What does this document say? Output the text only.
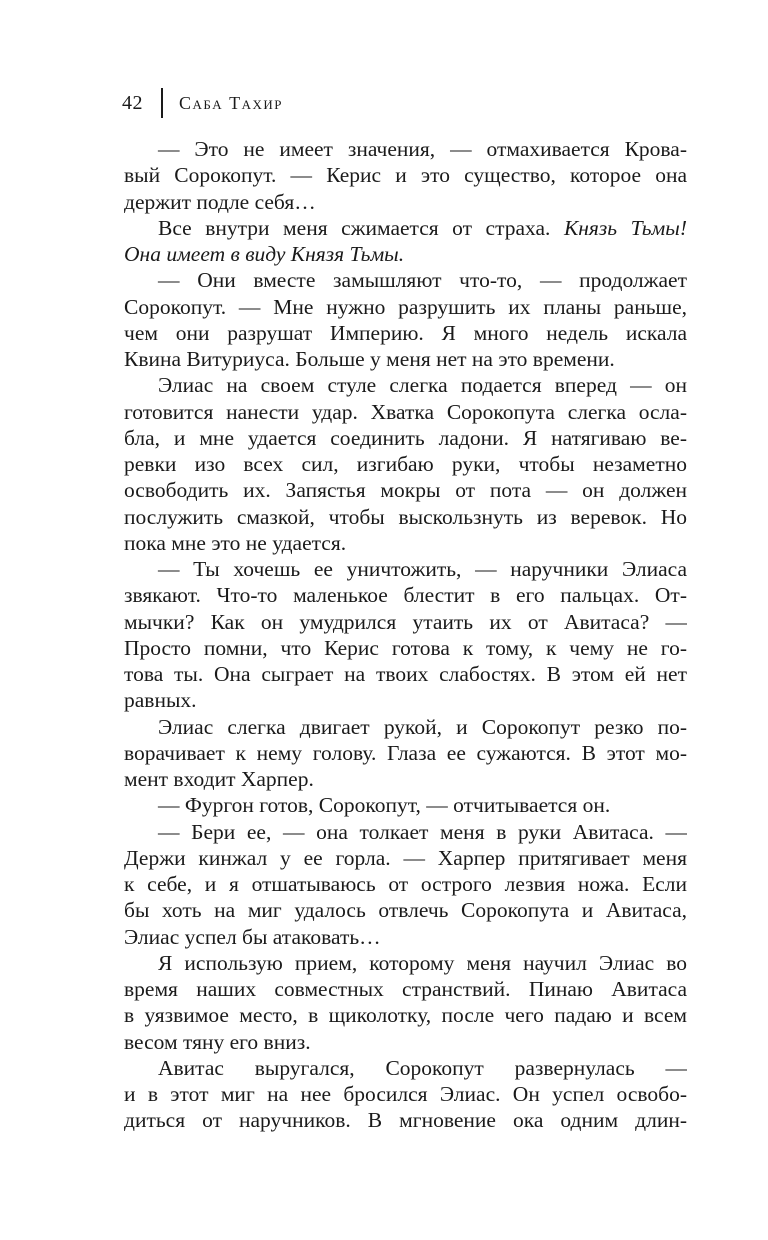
42 Саба Тахир
— Это не имеет значения, — отмахивается Крова-
вый Сорокопут. — Керис и это существо, которое она
держит подле себя…
Все внутри меня сжимается от страха. Князь Тьмы!
Она имеет в виду Князя Тьмы.
— Они вместе замышляют что-то, — продолжает
Сорокопут. — Мне нужно разрушить их планы раньше,
чем они разрушат Империю. Я много недель искала
Квина Витуриуса. Больше у меня нет на это времени.
Элиас на своем стуле слегка подается вперед — он
готовится нанести удар. Хватка Сорокопута слегка осла-
бла, и мне удается соединить ладони. Я натягиваю ве-
ревки изо всех сил, изгибаю руки, чтобы незаметно
освободить их. Запястья мокры от пота — он должен
послужить смазкой, чтобы выскользнуть из веревок. Но
пока мне это не удается.
— Ты хочешь ее уничтожить, — наручники Элиаса
звякают. Что-то маленькое блестит в его пальцах. От-
мычки? Как он умудрился утаить их от Авитаса? —
Просто помни, что Керис готова к тому, к чему не го-
това ты. Она сыграет на твоих слабостях. В этом ей нет
равных.
Элиас слегка двигает рукой, и Сорокопут резко по-
ворачивает к нему голову. Глаза ее сужаются. В этот мо-
мент входит Харпер.
— Фургон готов, Сорокопут, — отчитывается он.
— Бери ее, — она толкает меня в руки Авитаса. —
Держи кинжал у ее горла. — Харпер притягивает меня
к себе, и я отшатываюсь от острого лезвия ножа. Если
бы хоть на миг удалось отвлечь Сорокопута и Авитаса,
Элиас успел бы атаковать…
Я использую прием, которому меня научил Элиас во
время наших совместных странствий. Пинаю Авитаса
в уязвимое место, в щиколотку, после чего падаю и всем
весом тяну его вниз.
Авитас выругался, Сорокопут развернулась —
и в этот миг на нее бросился Элиас. Он успел освобо-
диться от наручников. В мгновение ока одним длин-
